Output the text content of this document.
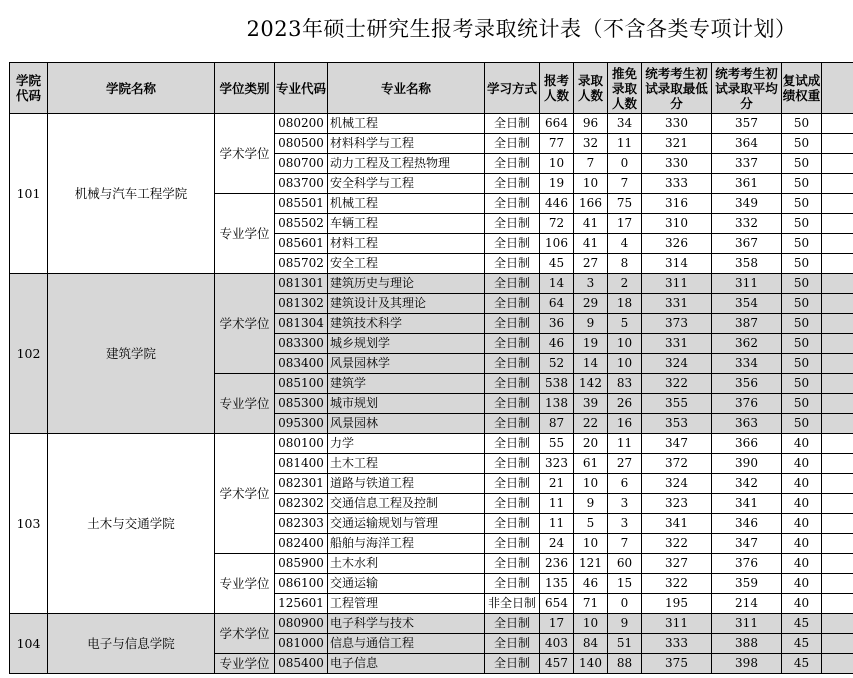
2023年硕士研究生报考录取统计表（不含各类专项计划）
学院代码	学院名称	学位类别	专业代码	专业名称	学习方式	报考人数	录取人数	推免录取人数	统考考生初试录取最低分	统考考生初试录取平均分	复试成绩权重	
101	机械与汽车工程学院	学术学位	080200	机械工程	全日制	664	96	34	330	357	50	
			080500	材料科学与工程	全日制	77	32	11	321	364	50	
			080700	动力工程及工程热物理	全日制	10	7	0	330	337	50	
			083700	安全科学与工程	全日制	19	10	7	333	361	50	
		专业学位	085501	机械工程	全日制	446	166	75	316	349	50	
			085502	车辆工程	全日制	72	41	17	310	332	50	
			085601	材料工程	全日制	106	41	4	326	367	50	
			085702	安全工程	全日制	45	27	8	314	358	50	
102	建筑学院	学术学位	081301	建筑历史与理论	全日制	14	3	2	311	311	50	
			081302	建筑设计及其理论	全日制	64	29	18	331	354	50	
			081304	建筑技术科学	全日制	36	9	5	373	387	50	
			083300	城乡规划学	全日制	46	19	10	331	362	50	
			083400	风景园林学	全日制	52	14	10	324	334	50	
		专业学位	085100	建筑学	全日制	538	142	83	322	356	50	
			085300	城市规划	全日制	138	39	26	355	376	50	
			095300	风景园林	全日制	87	22	16	353	363	50	
103	土木与交通学院	学术学位	080100	力学	全日制	55	20	11	347	366	40	
			081400	土木工程	全日制	323	61	27	372	390	40	
			082301	道路与铁道工程	全日制	21	10	6	324	342	40	
			082302	交通信息工程及控制	全日制	11	9	3	323	341	40	
			082303	交通运输规划与管理	全日制	11	5	3	341	346	40	
			082400	船舶与海洋工程	全日制	24	10	7	322	347	40	
		专业学位	085900	土木水利	全日制	236	121	60	327	376	40	
			086100	交通运输	全日制	135	46	15	322	359	40	
			125601	工程管理	非全日制	654	71	0	195	214	40	
104	电子与信息学院	学术学位	080900	电子科学与技术	全日制	17	10	9	311	311	45	
			081000	信息与通信工程	全日制	403	84	51	333	388	45	
		专业学位	085400	电子信息	全日制	457	140	88	375	398	45	
